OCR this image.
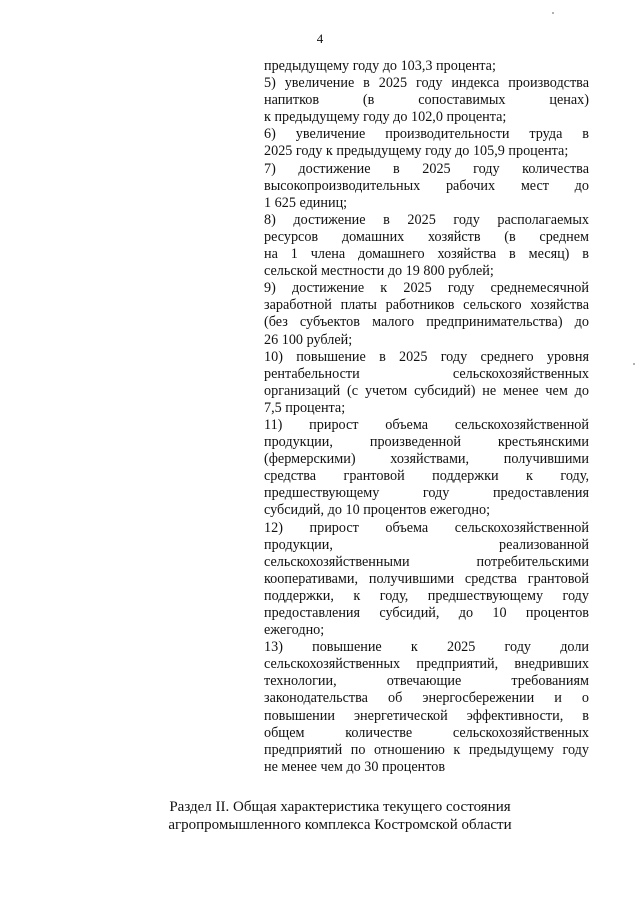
4
предыдущему году до 103,3 процента;
5) увеличение в 2025 году индекса производства
напитков (в сопоставимых ценах)
к предыдущему году до 102,0 процента;
6) увеличение производительности труда в
2025 году к предыдущему году до 105,9 процента;
7) достижение в 2025 году количества
высокопроизводительных рабочих мест до
1 625 единиц;
8) достижение в 2025 году располагаемых
ресурсов домашних хозяйств (в среднем
на 1 члена домашнего хозяйства в месяц) в
сельской местности до 19 800 рублей;
9) достижение к 2025 году среднемесячной
заработной платы работников сельского хозяйства
(без субъектов малого предпринимательства) до
26 100 рублей;
10) повышение в 2025 году среднего уровня
рентабельности сельскохозяйственных
организаций (с учетом субсидий) не менее чем до
7,5 процента;
11) прирост объема сельскохозяйственной
продукции, произведенной крестьянскими
(фермерскими) хозяйствами, получившими
средства грантовой поддержки к году,
предшествующему году предоставления
субсидий, до 10 процентов ежегодно;
12) прирост объема сельскохозяйственной
продукции, реализованной
сельскохозяйственными потребительскими
кооперативами, получившими средства грантовой
поддержки, к году, предшествующему году
предоставления субсидий, до 10 процентов
ежегодно;
13) повышение к 2025 году доли
сельскохозяйственных предприятий, внедривших
технологии, отвечающие требованиям
законодательства об энергосбережении и о
повышении энергетической эффективности, в
общем количестве сельскохозяйственных
предприятий по отношению к предыдущему году
не менее чем до 30 процентов
Раздел II. Общая характеристика текущего состояния
агропромышленного комплекса Костромской области
